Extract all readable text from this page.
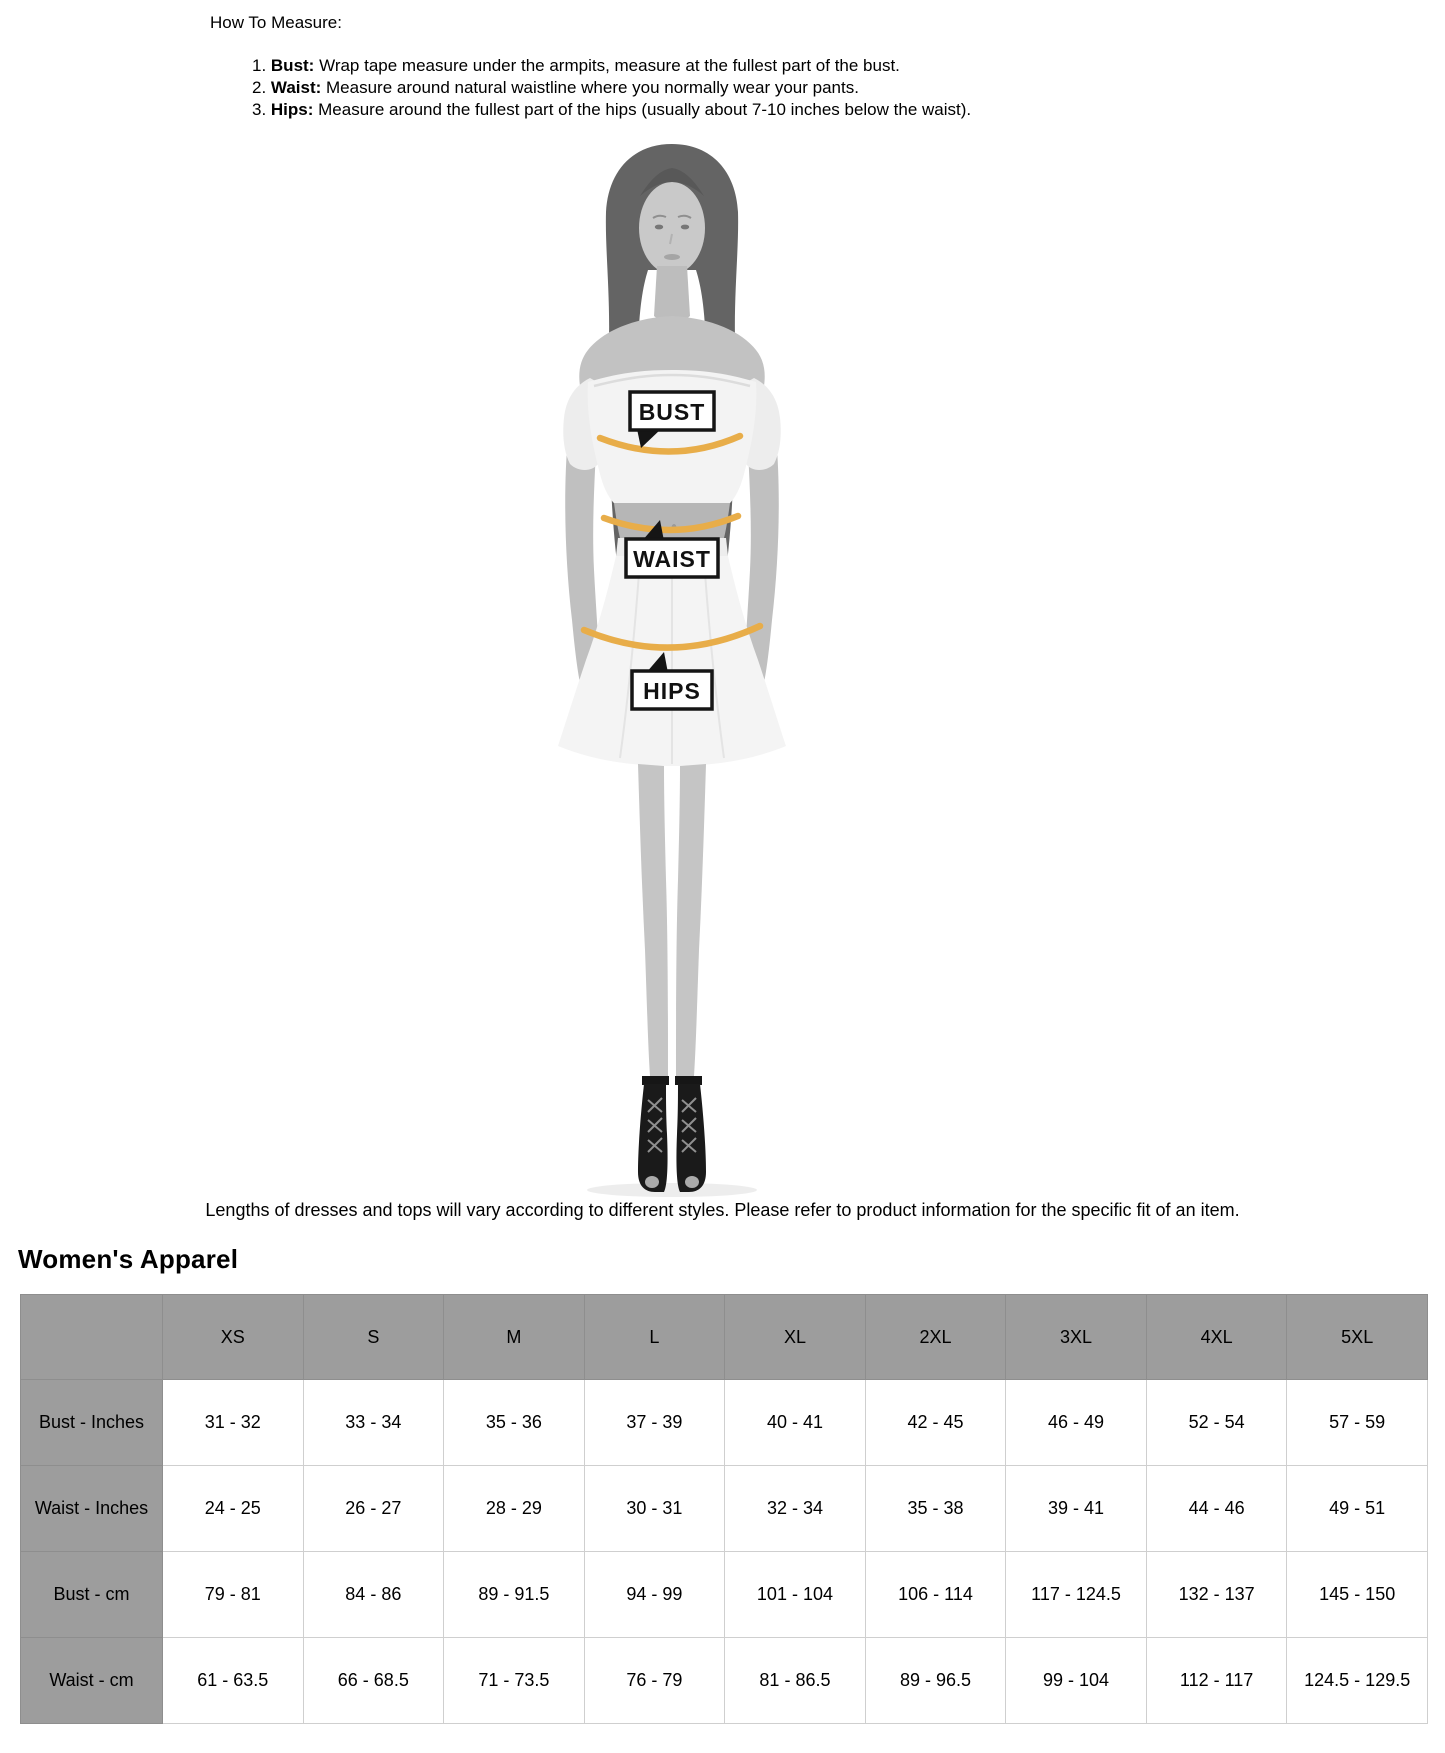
How To Measure:
1. Bust: Wrap tape measure under the armpits, measure at the fullest part of the bust.
2. Waist: Measure around natural waistline where you normally wear your pants.
3. Hips: Measure around the fullest part of the hips (usually about 7-10 inches below the waist).
BUST
WAIST
HIPS
Lengths of dresses and tops will vary according to different styles. Please refer to product information for the specific fit of an item.
Women's Apparel
	XS	S	M	L	XL	2XL	3XL	4XL	5XL
Bust - Inches	31 - 32	33 - 34	35 - 36	37 - 39	40 - 41	42 - 45	46 - 49	52 - 54	57 - 59
Waist - Inches	24 - 25	26 - 27	28 - 29	30 - 31	32 - 34	35 - 38	39 - 41	44 - 46	49 - 51
Bust - cm	79 - 81	84 - 86	89 - 91.5	94 - 99	101 - 104	106 - 114	117 - 124.5	132 - 137	145 - 150
Waist - cm	61 - 63.5	66 - 68.5	71 - 73.5	76 - 79	81 - 86.5	89 - 96.5	99 - 104	112 - 117	124.5 - 129.5
